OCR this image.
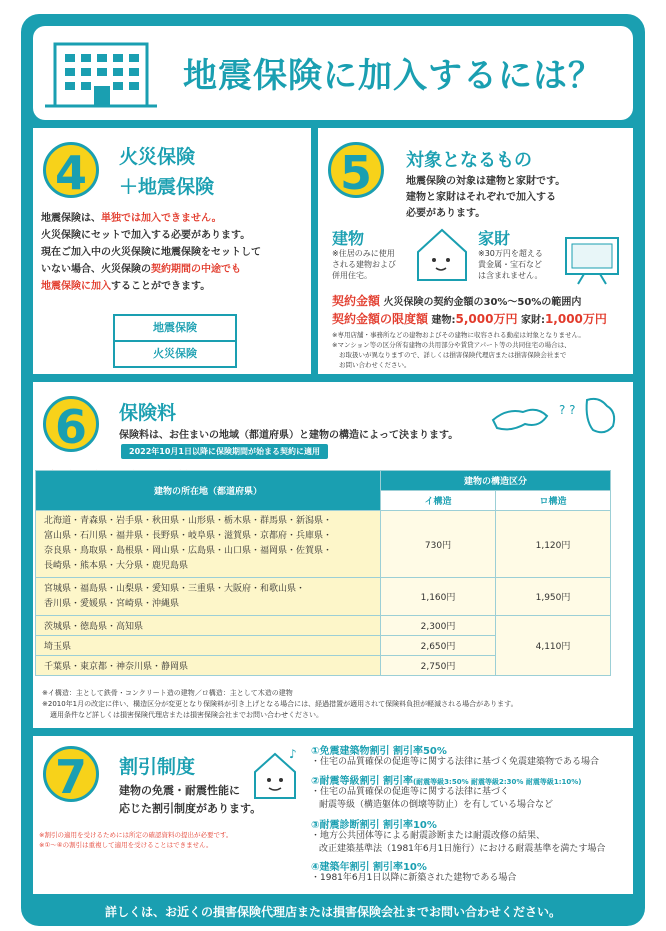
地震保険に加入するには？
4	火災保険
＋地震保険
地震保険は、単独では加入できません。
火災保険にセットで加入する必要があります。
現在ご加入中の火災保険に地震保険をセットして
いない場合、火災保険の契約期間の中途でも
地震保険に加入することができます。
地震保険
火災保険
5	対象となるもの
地震保険の対象は建物と家財です。
建物と家財はそれぞれで加入する
必要があります。
建物
※住居のみに使用
される建物および
併用住宅。
家財
※30万円を超える
貴金属・宝石など
は含まれません。
契約金額 火災保険の契約金額の30%～50%の範囲内
契約金額の限度額 建物:5,000万円 家財:1,000万円
※専用店舗・事務所などの建物およびその建物に収容される動産は対象となりません。
※マンション等の区分所有建物の共用部分や賃貸アパート等の共同住宅の場合は、
お取扱いが異なりますので、詳しくは損害保険代理店または損害保険会社まで
お問い合わせください。
6	保険料
保険料は、お住まいの地域（都道府県）と建物の構造によって決まります。
2022年10月1日以降に保険期間が始まる契約に適用
? ?
建物の所在地（都道府県）	建物の構造区分	
	イ構造	ロ構造

北海道・青森県・岩手県・秋田県・山形県・栃木県・群馬県・新潟県・
富山県・石川県・福井県・長野県・岐阜県・滋賀県・京都府・兵庫県・
奈良県・鳥取県・島根県・岡山県・広島県・山口県・福岡県・佐賀県・
長崎県・熊本県・大分県・鹿児島県	730円	1,120円

宮城県・福島県・山梨県・愛知県・三重県・大阪府・和歌山県・
香川県・愛媛県・宮崎県・沖縄県	1,160円	1,950円
茨城県・徳島県・高知県	2,300円	4,110円
埼玉県	2,650円	
千葉県・東京都・神奈川県・静岡県	2,750円	
※イ構造：主として鉄骨・コンクリート造の建物／ロ構造：主として木造の建物
※2010年1月の改定に伴い、構造区分が変更となり保険料が引き上げとなる場合には、経過措置が適用されて保険料負担が軽減される場合があります。
適用条件など詳しくは損害保険代理店または損害保険会社までお問い合わせください。
7	割引制度
♪
建物の免震・耐震性能に
応じた割引制度があります。
※割引の適用を受けるためには所定の確認資料の提出が必要です。
※①～④の割引は重複して適用を受けることはできません。
①免震建築物割引 割引率50%
・住宅の品質確保の促進等に関する法律に基づく免震建築物である場合
②耐震等級割引 割引率(耐震等級3:50% 耐震等級2:30% 耐震等級1:10%)
・住宅の品質確保の促進等に関する法律に基づく
耐震等級（構造躯体の倒壊等防止）を有している場合など
③耐震診断割引 割引率10%
・地方公共団体等による耐震診断または耐震改修の結果、
改正建築基準法（1981年6月1日施行）における耐震基準を満たす場合
④建築年割引 割引率10%
・1981年6月1日以降に新築された建物である場合
詳しくは、お近くの損害保険代理店または損害保険会社までお問い合わせください。
